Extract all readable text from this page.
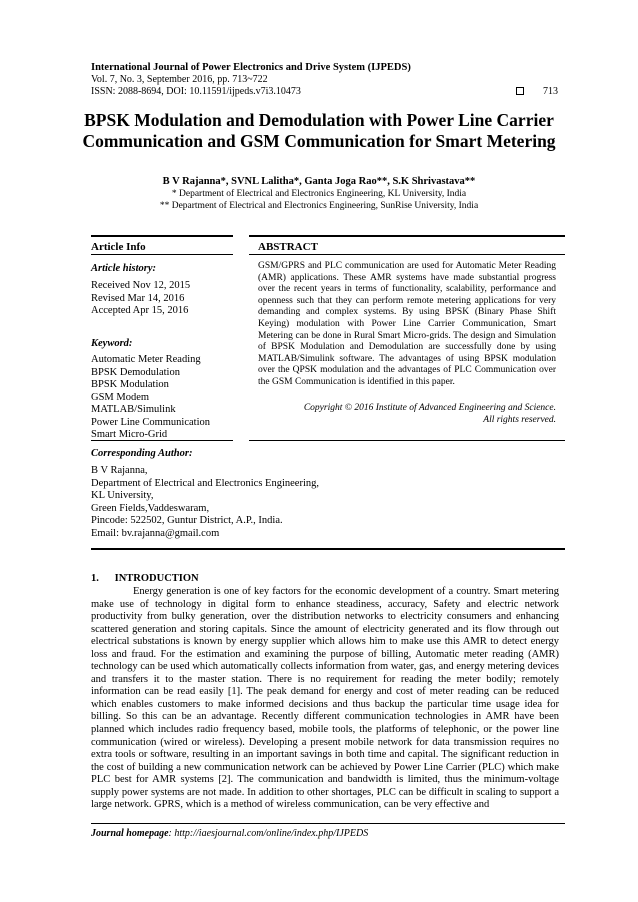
International Journal of Power Electronics and Drive System (IJPEDS)
Vol. 7, No. 3, September 2016, pp. 713~722
ISSN: 2088-8694, DOI: 10.11591/ijpeds.v7i3.10473	713
BPSK Modulation and Demodulation with Power Line Carrier
Communication and GSM Communication for Smart Metering
B V Rajanna*, SVNL Lalitha*, Ganta Joga Rao**, S.K Shrivastava**
* Department of Electrical and Electronics Engineering, KL University, India
** Department of Electrical and Electronics Engineering, SunRise University, India
Article Info	ABSTRACT
Article history:
Received Nov 12, 2015
Revised Mar 14, 2016
Accepted Apr 15, 2016
Keyword:
Automatic Meter Reading
BPSK Demodulation
BPSK Modulation
GSM Modem
MATLAB/Simulink
Power Line Communication
Smart Micro-Grid
GSM/GPRS and PLC communication are used for Automatic Meter Reading (AMR) applications. These AMR systems have made substantial progress over the recent years in terms of functionality, scalability, performance and openness such that they can perform remote metering applications for very demanding and complex systems. By using BPSK (Binary Phase Shift Keying) modulation with Power Line Carrier Communication, Smart Metering can be done in Rural Smart Micro-grids. The design and Simulation of BPSK Modulation and Demodulation are successfully done by using MATLAB/Simulink software. The advantages of using BPSK modulation over the QPSK modulation and the advantages of PLC Communication over the GSM Communication is identified in this paper.
Copyright © 2016 Institute of Advanced Engineering and Science.
All rights reserved.
Corresponding Author:
B V Rajanna,
Department of Electrical and Electronics Engineering,
KL University,
Green Fields,Vaddeswaram,
Pincode: 522502, Guntur District, A.P., India.
Email: bv.rajanna@gmail.com
1.      INTRODUCTION
Energy generation is one of key factors for the economic development of a country. Smart metering make use of technology in digital form to enhance steadiness, accuracy, Safety and electric network productivity from bulky generation, over the distribution networks to electricity consumers and enhancing scattered generation and storing capitals. Since the amount of electricity generated and its flow through out electrical substations is known by energy supplier which allows him to make use this AMR to detect energy loss and fraud. For the estimation and examining the purpose of billing, Automatic meter reading (AMR) technology can be used which automatically collects information from water, gas, and energy metering devices and transfers it to the master station. There is no requirement for reading the meter bodily; remotely information can be read easily [1]. The peak demand for energy and cost of meter reading can be reduced which enables customers to make informed decisions and thus backup the particular time usage idea for billing. So this can be an advantage. Recently different communication technologies in AMR have been planned which includes radio frequency based, mobile tools, the platforms of telephonic, or the power line communication (wired or wireless). Developing a present mobile network for data transmission requires no extra tools or software, resulting in an important savings in both time and capital. The significant reduction in the cost of building a new communication network can be achieved by Power Line Carrier (PLC) which make PLC best for AMR systems [2]. The communication and bandwidth is limited, thus the minimum-voltage supply power systems are not made. In addition to other shortages, PLC can be difficult in scaling to support a large network. GPRS, which is a method of wireless communication, can be very effective and
Journal homepage: http://iaesjournal.com/online/index.php/IJPEDS
